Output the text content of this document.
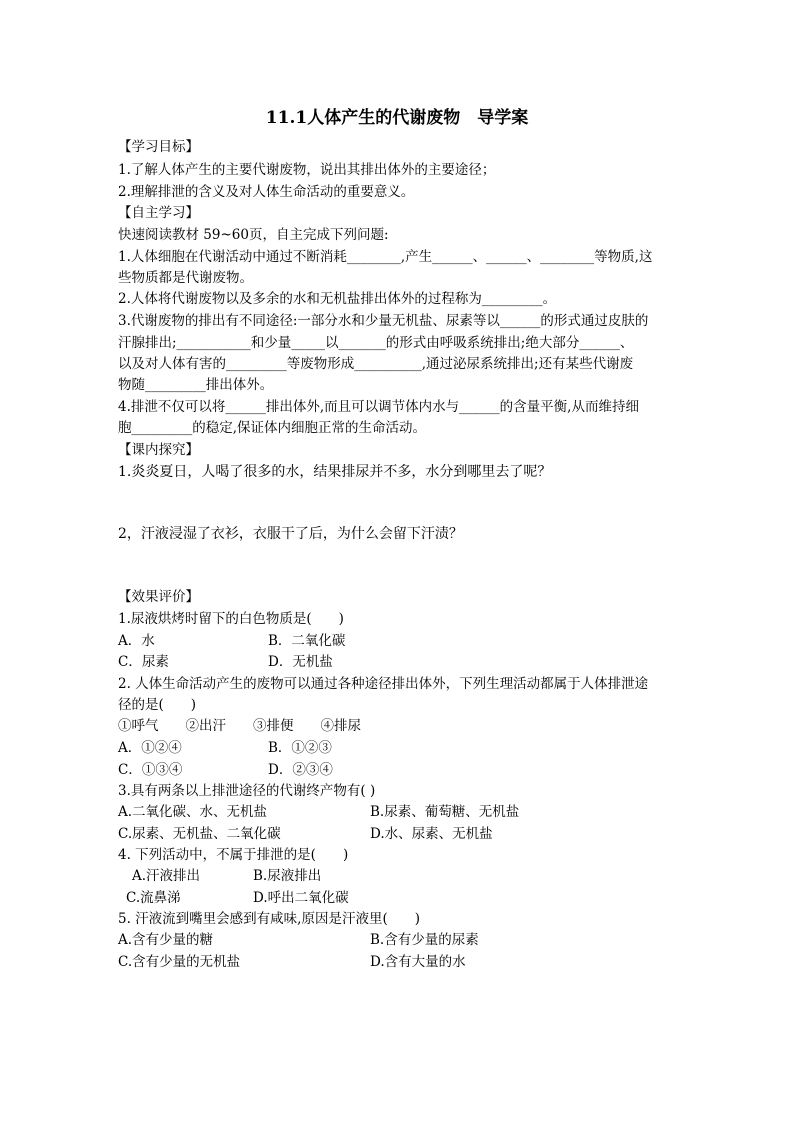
11.1人体产生的代谢废物　导学案
【学习目标】
1.了解人体产生的主要代谢废物，说出其排出体外的主要途径；
2.理解排泄的含义及对人体生命活动的重要意义。
【自主学习】
快速阅读教材 59~60页，自主完成下列问题:
1.人体细胞在代谢活动中通过不断消耗________,产生______、______、________等物质,这
些物质都是代谢废物。
2.人体将代谢废物以及多余的水和无机盐排出体外的过程称为_________。
3.代谢废物的排出有不同途径:一部分水和少量无机盐、尿素等以______的形式通过皮肤的
汗腺排出;___________和少量_____以_______的形式由呼吸系统排出;绝大部分______、
以及对人体有害的_________等废物形成__________,通过泌尿系统排出;还有某些代谢废
物随_________排出体外。
4.排泄不仅可以将______排出体外,而且可以调节体内水与______的含量平衡,从而维持细
胞_________的稳定,保证体内细胞正常的生命活动。
【课内探究】
1.炎炎夏日，人喝了很多的水，结果排尿并不多，水分到哪里去了呢？
2，汗液浸湿了衣衫，衣服干了后，为什么会留下汗渍？
【效果评价】
1.尿液烘烤时留下的白色物质是(　　)
A．水	B．二氧化碳
C．尿素	D．无机盐
2. 人体生命活动产生的废物可以通过各种途径排出体外，下列生理活动都属于人体排泄途
径的是(　　)
①呼气　　②出汗　　③排便　　④排尿
A．①②④	B．①②③
C．①③④	D．②③④
3.具有两条以上排泄途径的代谢终产物有( )
A.二氧化碳、水、无机盐	B.尿素、葡萄糖、无机盐
C.尿素、无机盐、二氧化碳	D.水、尿素、无机盐
4. 下列活动中，不属于排泄的是(　　)
A.汗液排出	B.尿液排出
C.流鼻涕	D.呼出二氧化碳
5. 汗液流到嘴里会感到有咸味,原因是汗液里(　　)
A.含有少量的糖	B.含有少量的尿素
C.含有少量的无机盐	D.含有大量的水
